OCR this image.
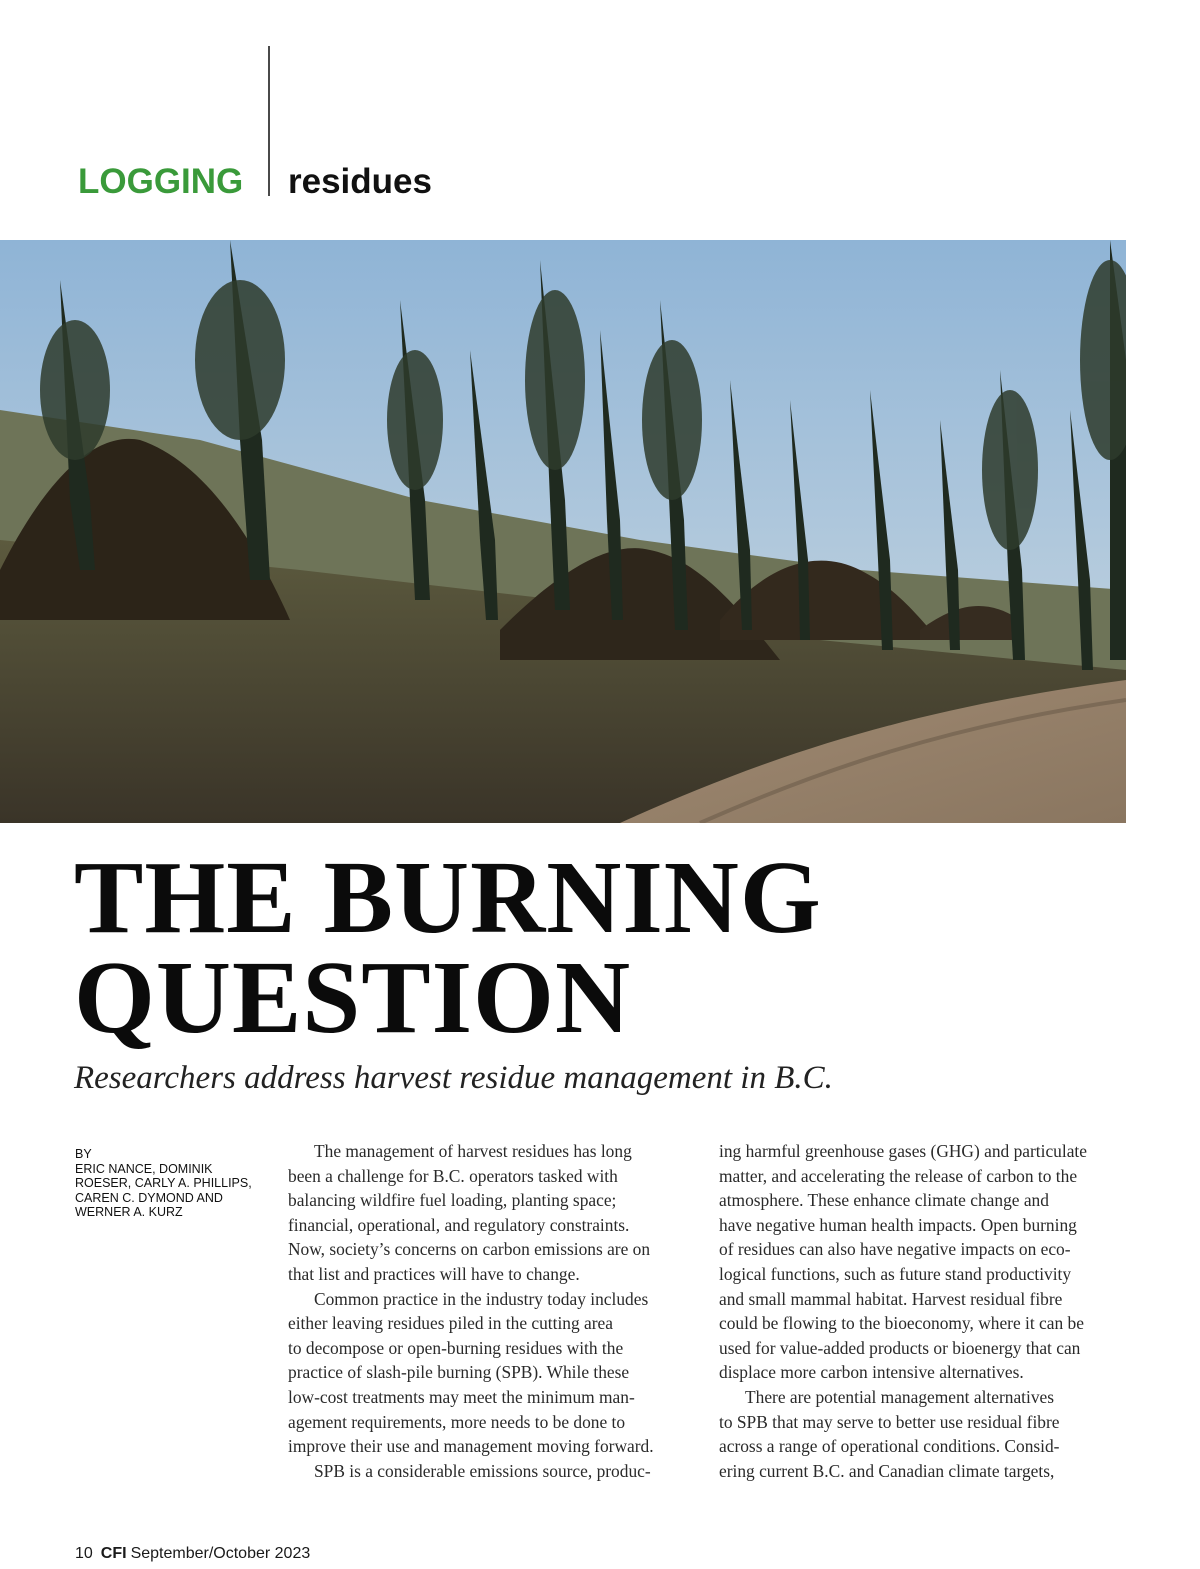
LOGGING residues
THE BURNING
QUESTION
Researchers address harvest residue management in B.C.
BY
ERIC NANCE, DOMINIK
ROESER, CARLY A. PHILLIPS,
CAREN C. DYMOND AND
WERNER A. KURZ
The management of harvest residues has long
been a challenge for B.C. operators tasked with
balancing wildfire fuel loading, planting space;
financial, operational, and regulatory constraints.
Now, society’s concerns on carbon emissions are on
that list and practices will have to change.
Common practice in the industry today includes
either leaving residues piled in the cutting area
to decompose or open-burning residues with the
practice of slash-pile burning (SPB). While these
low-cost treatments may meet the minimum man-
agement requirements, more needs to be done to
improve their use and management moving forward.
SPB is a considerable emissions source, produc-
ing harmful greenhouse gases (GHG) and particulate
matter, and accelerating the release of carbon to the
atmosphere. These enhance climate change and
have negative human health impacts. Open burning
of residues can also have negative impacts on eco-
logical functions, such as future stand productivity
and small mammal habitat. Harvest residual fibre
could be flowing to the bioeconomy, where it can be
used for value-added products or bioenergy that can
displace more carbon intensive alternatives.
There are potential management alternatives
to SPB that may serve to better use residual fibre
across a range of operational conditions. Consid-
ering current B.C. and Canadian climate targets,
10 CFI September/October 2023
